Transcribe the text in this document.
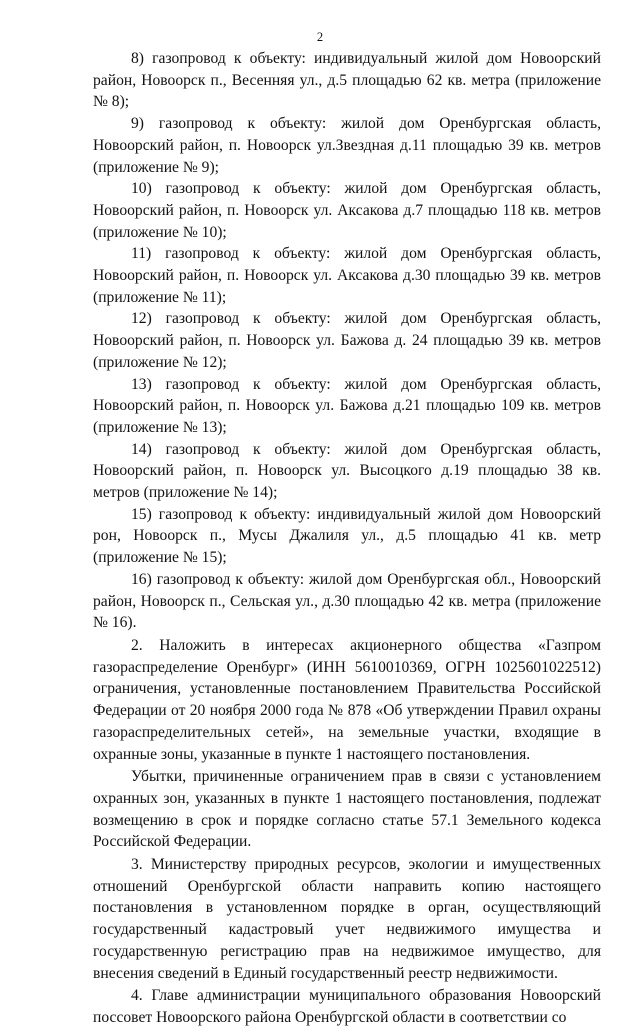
2

8) газопровод к объекту: индивидуальный жилой дом Новоорский район, Новоорск п., Весенняя ул., д.5 площадью 62 кв. метра (приложение № 8);

9) газопровод к объекту: жилой дом Оренбургская область, Новоорский район, п. Новоорск ул.Звездная д.11 площадью 39 кв. метров (приложение № 9);

10) газопровод к объекту: жилой дом Оренбургская область, Новоорский район, п. Новоорск ул. Аксакова д.7 площадью 118 кв. метров (приложение № 10);

11) газопровод к объекту: жилой дом Оренбургская область, Новоорский район, п. Новоорск ул. Аксакова д.30 площадью 39 кв. метров (приложение № 11);

12) газопровод к объекту: жилой дом Оренбургская область, Новоорский район, п. Новоорск ул. Бажова д. 24 площадью 39 кв. метров (приложение № 12);

13) газопровод к объекту: жилой дом Оренбургская область, Новоорский район, п. Новоорск ул. Бажова д.21 площадью 109 кв. метров (приложение № 13);

14) газопровод к объекту: жилой дом Оренбургская область, Новоорский район, п. Новоорск ул. Высоцкого д.19 площадью 38 кв. метров (приложение № 14);

15) газопровод к объекту: индивидуальный жилой дом Новоорский рон, Новоорск п., Мусы Джалиля ул., д.5 площадью 41 кв. метр (приложение № 15);

16) газопровод к объекту: жилой дом Оренбургская обл., Новоорский район, Новоорск п., Сельская ул., д.30 площадью 42 кв. метра (приложение № 16).

2. Наложить в интересах акционерного общества «Газпром газораспределение Оренбург» (ИНН 5610010369, ОГРН 1025601022512) ограничения, установленные постановлением Правительства Российской Федерации от 20 ноября 2000 года № 878 «Об утверждении Правил охраны газораспределительных сетей», на земельные участки, входящие в охранные зоны, указанные в пункте 1 настоящего постановления.

Убытки, причиненные ограничением прав в связи с установлением охранных зон, указанных в пункте 1 настоящего постановления, подлежат возмещению в срок и порядке согласно статье 57.1 Земельного кодекса Российской Федерации.

3. Министерству природных ресурсов, экологии и имущественных отношений Оренбургской области направить копию настоящего постановления в установленном порядке в орган, осуществляющий государственный кадастровый учет недвижимого имущества и государственную регистрацию прав на недвижимое имущество, для внесения сведений в Единый государственный реестр недвижимости.

4. Главе администрации муниципального образования Новоорский поссовет Новоорского района Оренбургской области в соответствии со
